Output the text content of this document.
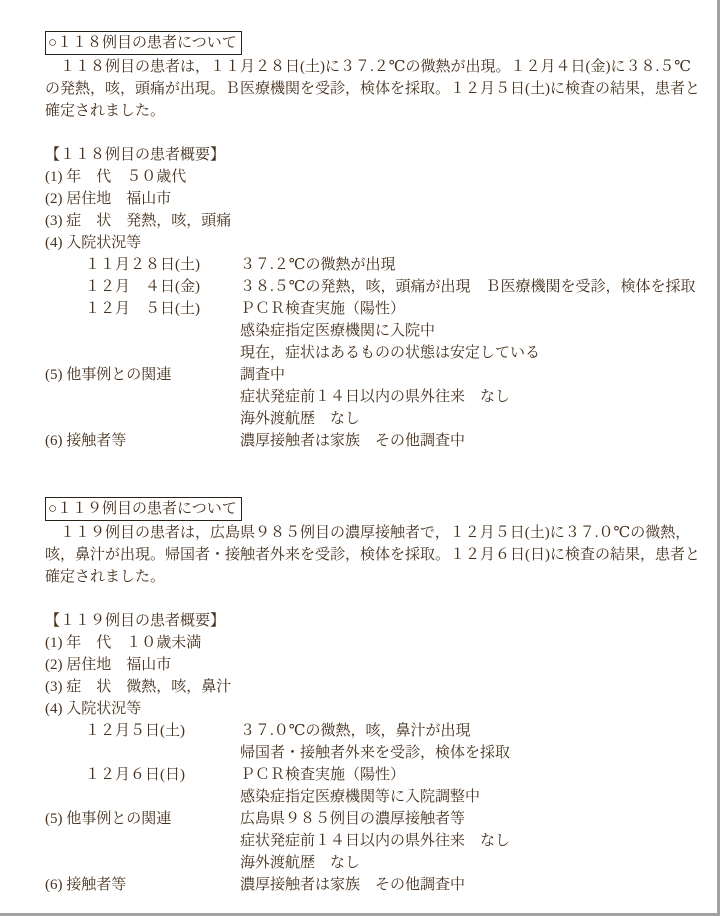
○１１８例目の患者について
　１１８例目の患者は，１１月２８日(土)に３７.２℃の微熱が出現。１２月４日(金)に３８.５℃
の発熱，咳，頭痛が出現。Ｂ医療機関を受診，検体を採取。１２月５日(土)に検査の結果，患者と
確定されました。
【１１８例目の患者概要】
(1) 年　代　５０歳代
(2) 居住地　福山市
(3) 症　状　発熱，咳，頭痛
(4) 入院状況等
１１月２８日(土)	３７.２℃の微熱が出現
１２月　４日(金)	３８.５℃の発熱，咳，頭痛が出現　Ｂ医療機関を受診，検体を採取
１２月　５日(土)	ＰＣＲ検査実施（陽性）
感染症指定医療機関に入院中
現在，症状はあるものの状態は安定している
(5) 他事例との関連	調査中
症状発症前１４日以内の県外往来　なし
海外渡航歴　なし
(6) 接触者等	濃厚接触者は家族　その他調査中
○１１９例目の患者について
　１１９例目の患者は，広島県９８５例目の濃厚接触者で，１２月５日(土)に３７.０℃の微熱，
咳，鼻汁が出現。帰国者・接触者外来を受診，検体を採取。１２月６日(日)に検査の結果，患者と
確定されました。
【１１９例目の患者概要】
(1) 年　代　１０歳未満
(2) 居住地　福山市
(3) 症　状　微熱，咳，鼻汁
(4) 入院状況等
１２月５日(土)	３７.０℃の微熱，咳，鼻汁が出現
帰国者・接触者外来を受診，検体を採取
１２月６日(日)	ＰＣＲ検査実施（陽性）
感染症指定医療機関等に入院調整中
(5) 他事例との関連	広島県９８５例目の濃厚接触者等
症状発症前１４日以内の県外往来　なし
海外渡航歴　なし
(6) 接触者等	濃厚接触者は家族　その他調査中
